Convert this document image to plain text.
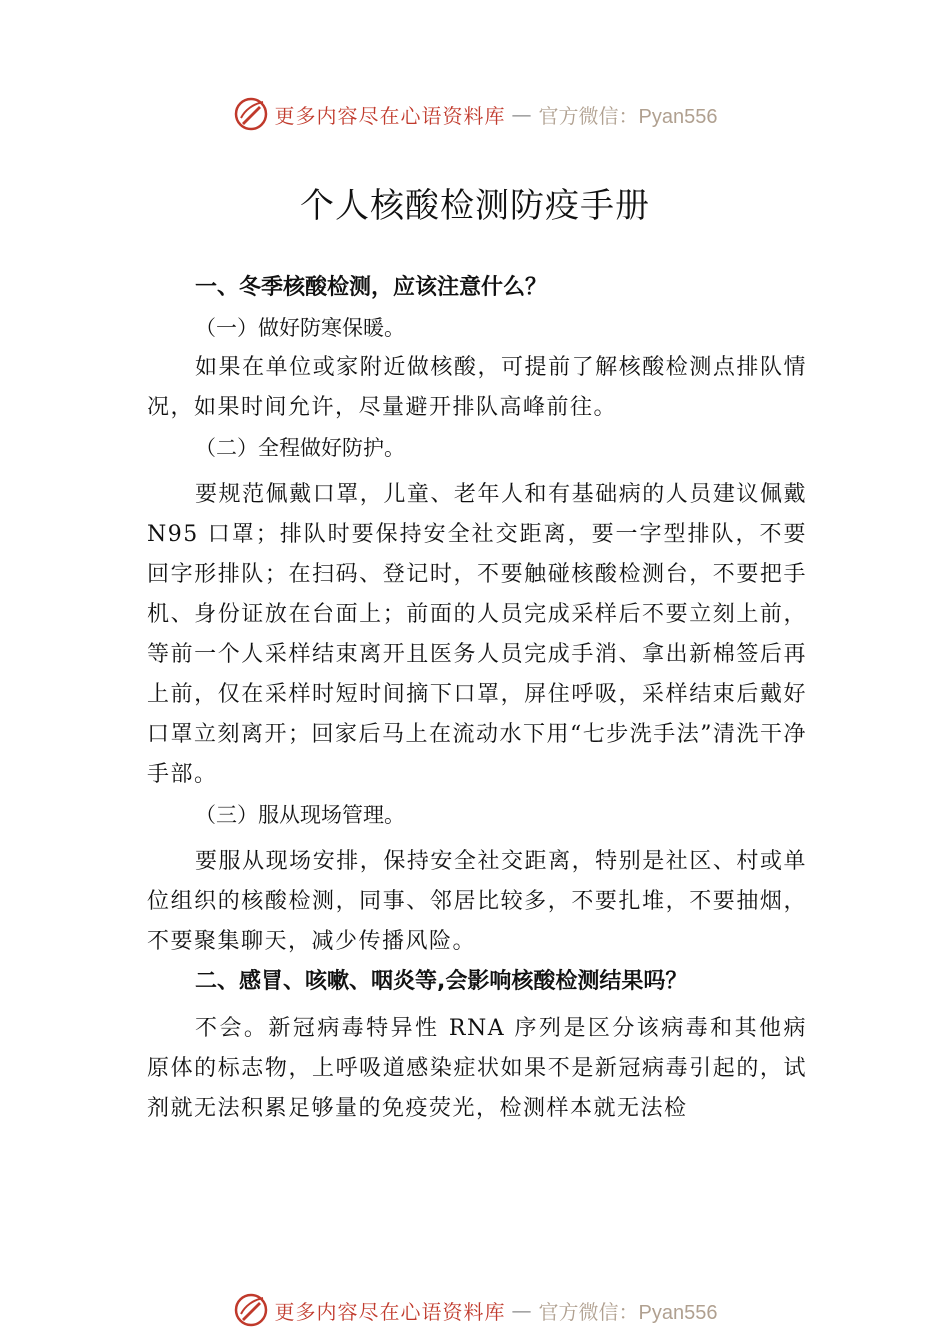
更多内容尽在心语资料库 — 官方微信：Pyan556
个人核酸检测防疫手册

一、冬季核酸检测，应该注意什么？

（一）做好防寒保暖。

如果在单位或家附近做核酸，可提前了解核酸检测点排队情况，如果时间允许，尽量避开排队高峰前往。

（二）全程做好防护。

要规范佩戴口罩，儿童、老年人和有基础病的人员建议佩戴 N95 口罩；排队时要保持安全社交距离，要一字型排队，不要回字形排队；在扫码、登记时，不要触碰核酸检测台，不要把手机、身份证放在台面上；前面的人员完成采样后不要立刻上前，等前一个人采样结束离开且医务人员完成手消、拿出新棉签后再上前，仅在采样时短时间摘下口罩，屏住呼吸，采样结束后戴好口罩立刻离开；回家后马上在流动水下用“七步洗手法”清洗干净手部。

（三）服从现场管理。

要服从现场安排，保持安全社交距离，特别是社区、村或单位组织的核酸检测，同事、邻居比较多，不要扎堆，不要抽烟，不要聚集聊天，减少传播风险。

二、感冒、咳嗽、咽炎等,会影响核酸检测结果吗？

不会。新冠病毒特异性 RNA 序列是区分该病毒和其他病原体的标志物，上呼吸道感染症状如果不是新冠病毒引起的，试剂就无法积累足够量的免疫荧光，检测样本就无法检

更多内容尽在心语资料库 — 官方微信：Pyan556
